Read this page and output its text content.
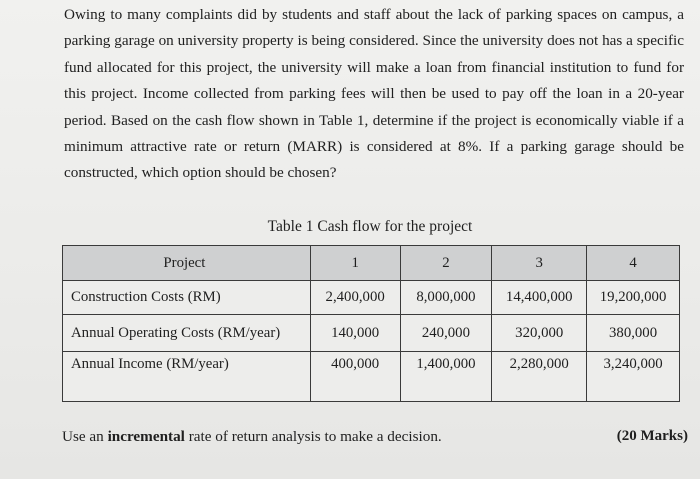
Owing to many complaints did by students and staff about the lack of parking spaces on campus, a parking garage on university property is being considered. Since the university does not has a specific fund allocated for this project, the university will make a loan from financial institution to fund for this project. Income collected from parking fees will then be used to pay off the loan in a 20-year period. Based on the cash flow shown in Table 1, determine if the project is economically viable if a minimum attractive rate or return (MARR) is considered at 8%. If a parking garage should be constructed, which option should be chosen?

Table 1 Cash flow for the project

Project	1	2	3	4
Construction Costs (RM)	2,400,000	8,000,000	14,400,000	19,200,000
Annual Operating Costs (RM/year)	140,000	240,000	320,000	380,000
Annual Income (RM/year)	400,000	1,400,000	2,280,000	3,240,000

Use an incremental rate of return analysis to make a decision.	(20 Marks)
